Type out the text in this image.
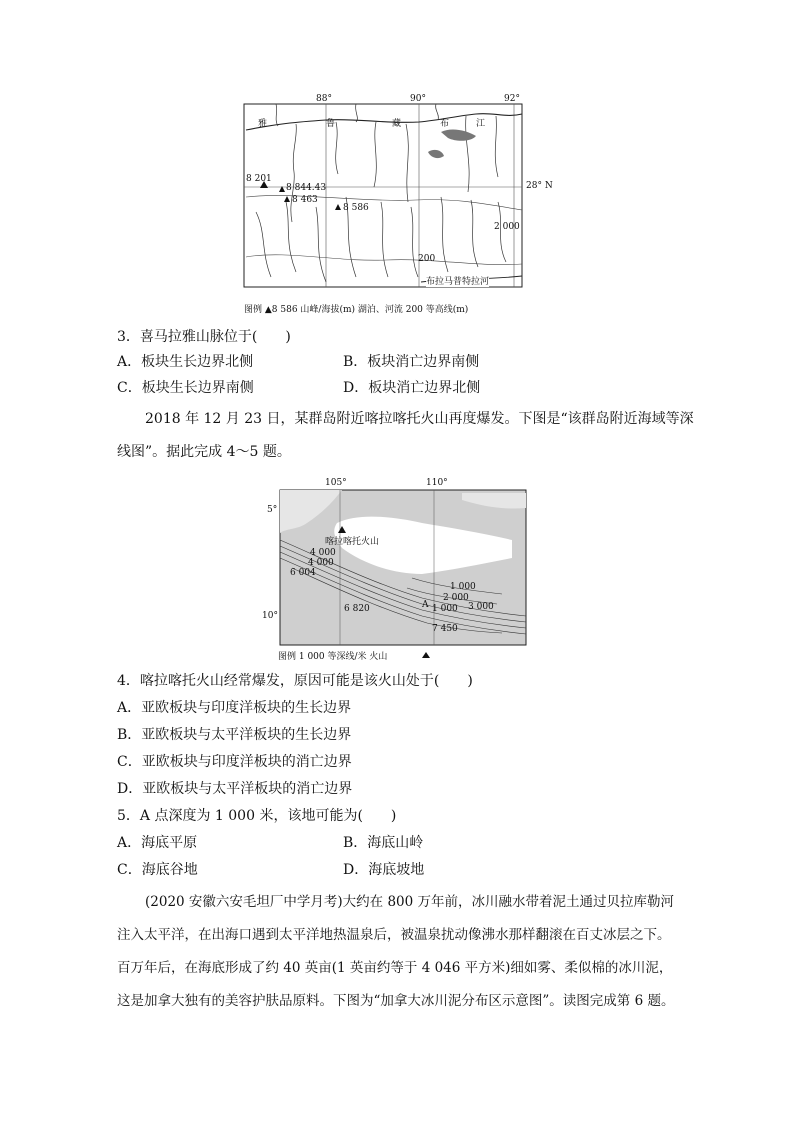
88°	90°	92°
28° N
雅	鲁	藏	布	江
8 201
8 844.43
8 463
8 586
2 000
200
布拉马普特拉河
图例 ▲8 586 山峰/海拔(m) 湖泊、河流 200 等高线(m)
3．喜马拉雅山脉位于(　　)
A．板块生长边界北侧	B．板块消亡边界南侧
C．板块生长边界南侧	D．板块消亡边界北侧

2018 年 12 月 23 日，某群岛附近喀拉喀托火山再度爆发。下图是“该群岛附近海域等深

线图”。据此完成 4～5 题。

105°	110°
5°
10°
喀拉喀托火山
4 000
4 000
6 004
1 000
2 000
6 820	A 1 000 3 000
7 450
图例 1 000 等深线/米 火山
4．喀拉喀托火山经常爆发，原因可能是该火山处于(　　)
A．亚欧板块与印度洋板块的生长边界
B．亚欧板块与太平洋板块的生长边界
C．亚欧板块与印度洋板块的消亡边界
D．亚欧板块与太平洋板块的消亡边界
5．A 点深度为 1 000 米，该地可能为(　　)
A．海底平原	B．海底山岭
C．海底谷地	D．海底坡地

(2020 安徽六安毛坦厂中学月考)大约在 800 万年前，冰川融水带着泥土通过贝拉库勒河

注入太平洋，在出海口遇到太平洋地热温泉后，被温泉扰动像沸水那样翻滚在百丈冰层之下。

百万年后，在海底形成了约 40 英亩(1 英亩约等于 4 046 平方米)细如雾、柔似棉的冰川泥，

这是加拿大独有的美容护肤品原料。下图为“加拿大冰川泥分布区示意图”。读图完成第 6 题。
